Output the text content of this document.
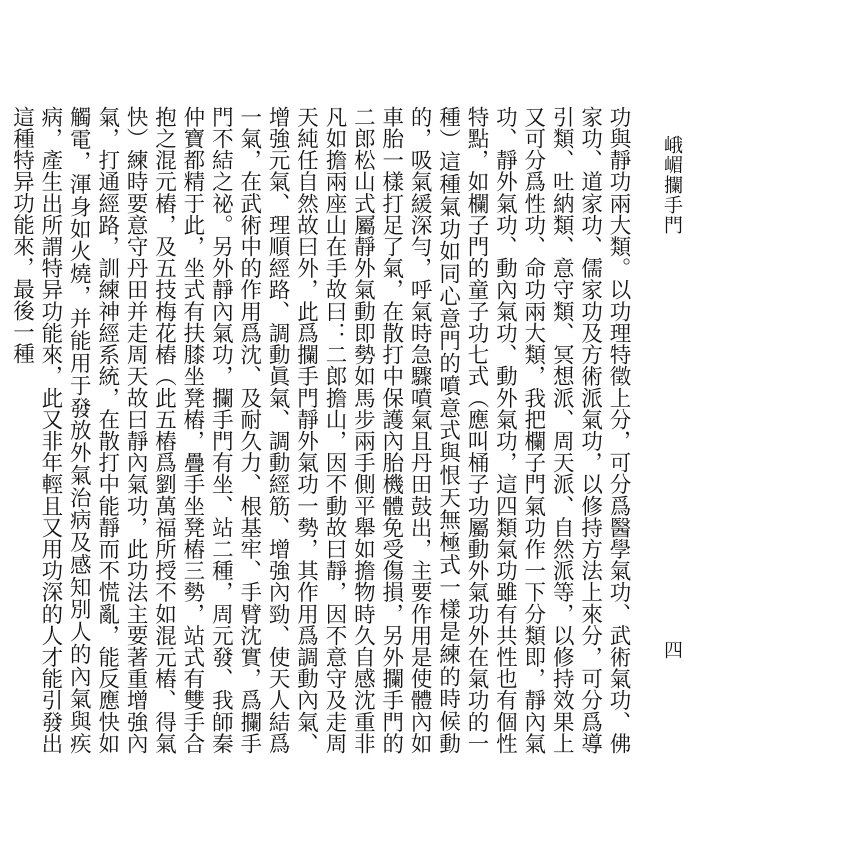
峨嵋攔手門
四

功與靜功兩大類。以功理特徵上分，可分爲醫學氣功、武術氣功、佛家功、道家功、儒家功及方術派氣功，以修持方法上來分，可分爲導引類、吐納類、意守類、冥想派、周天派、自然派等，以修持效果上又可分爲性功、命功兩大類，我把欄子門氣功作一下分類即，靜內氣功、靜外氣功、動內氣功、動外氣功，這四類氣功雖有共性也有個性特點，如欄子門的童子功七式（應叫桶子功屬動外氣功外在氣功的一種）這種氣功如同心意門的噴意式與恨天無極式一樣是練的時候動的，吸氣緩深勻，呼氣時急驟噴氣且丹田鼓出，主要作用是使體內如車胎一樣打足了氣，在散打中保護內胎機體免受傷損，另外攔手門的二郎松山式屬靜外氣動即勢如馬步兩手側平舉如擔物時久自感沈重非凡如擔兩座山在手故曰：二郎擔山，因不動故曰靜，因不意守及走周天純任自然故曰外，此爲攔手門靜外氣功一勢，其作用爲調動內氣、增強元氣、理順經路、調動眞氣、調動經筋、增強內勁、使天人結爲一氣，在武術中的作用爲沈、及耐久力、根基牢、手臂沈實，爲攔手門不結之祕。另外靜內氣功，攔手門有坐、站二種，周元發、我師秦仲寶都精于此，坐式有扶膝坐凳樁，疊手坐凳樁三勢，站式有雙手合抱之混元樁，及五技梅花樁（此五樁爲劉萬福所授不如混元樁、得氣快）練時要意守丹田并走周天故曰靜內氣功，此功法主要著重增強內氣，打通經路，訓練神經系統，在散打中能靜而不慌亂，能反應快如觸電，渾身如火燒，并能用于發放外氣治病及感知別人的內氣與疾病，產生出所謂特异功能來，此又非年輕且又用功深的人才能引發出這種特异功能來，最後一種
